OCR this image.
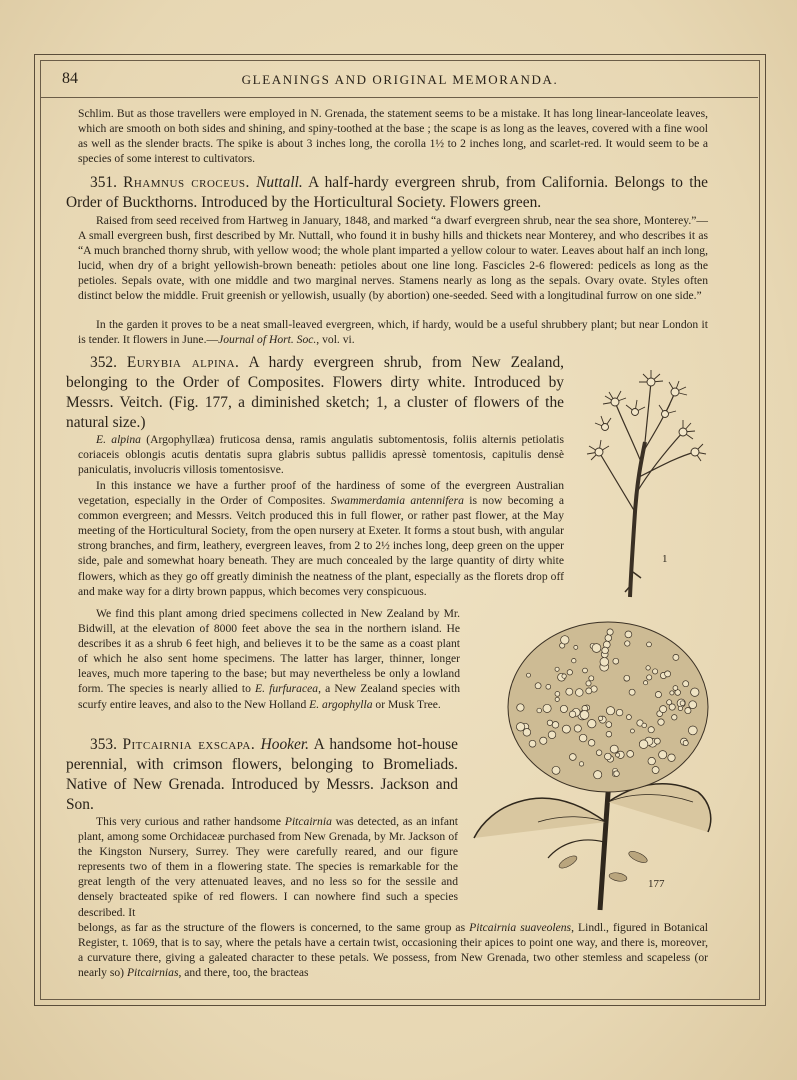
84	GLEANINGS AND ORIGINAL MEMORANDA.

Schlim. But as those travellers were employed in N. Grenada, the statement seems to be a mistake. It has long linear-lanceolate leaves, which are smooth on both sides and shining, and spiny-toothed at the base ; the scape is as long as the leaves, covered with a fine wool as well as the slender bracts. The spike is about 3 inches long, the corolla 1½ to 2 inches long, and scarlet-red. It would seem to be a species of some interest to cultivators.

351. Rhamnus croceus. Nuttall. A half-hardy evergreen shrub, from California. Belongs to the Order of Buckthorns. Introduced by the Horticultural Society. Flowers green.

Raised from seed received from Hartweg in January, 1848, and marked “a dwarf evergreen shrub, near the sea shore, Monterey.”—A small evergreen bush, first described by Mr. Nuttall, who found it in bushy hills and thickets near Monterey, and who describes it as “A much branched thorny shrub, with yellow wood; the whole plant imparted a yellow colour to water. Leaves about half an inch long, lucid, when dry of a bright yellowish-brown beneath: petioles about one line long. Fascicles 2-6 flowered: pedicels as long as the petioles. Sepals ovate, with one middle and two marginal nerves. Stamens nearly as long as the sepals. Ovary ovate. Styles often distinct below the middle. Fruit greenish or yellowish, usually (by abortion) one-seeded. Seed with a longitudinal furrow on one side.”

In the garden it proves to be a neat small-leaved evergreen, which, if hardy, would be a useful shrubbery plant; but near London it is tender. It flowers in June.—Journal of Hort. Soc., vol. vi.

352. Eurybia alpina. A hardy evergreen shrub, from New Zealand, belonging to the Order of Composites. Flowers dirty white. Introduced by Messrs. Veitch. (Fig. 177, a diminished sketch; 1, a cluster of flowers of the natural size.)

E. alpina (Argophyllæa) fruticosa densa, ramis angulatis subtomentosis, foliis alternis petiolatis coriaceis oblongis acutis dentatis supra glabris subtus pallidis apressè tomentosis, capitulis densè paniculatis, involucris villosis tomentosisve.

In this instance we have a further proof of the hardiness of some of the evergreen Australian vegetation, especially in the Order of Composites. Swammerdamia antennifera is now becoming a common evergreen; and Messrs. Veitch produced this in full flower, or rather past flower, at the May meeting of the Horticultural Society, from the open nursery at Exeter. It forms a stout bush, with angular strong branches, and firm, leathery, evergreen leaves, from 2 to 2½ inches long, deep green on the upper side, pale and somewhat hoary beneath. They are much concealed by the large quantity of dirty white flowers, which as they go off greatly diminish the neatness of the plant, especially as the florets drop off and make way for a dirty brown pappus, which becomes very conspicuous.

We find this plant among dried specimens collected in New Zealand by Mr. Bidwill, at the elevation of 8000 feet above the sea in the northern island. He describes it as a shrub 6 feet high, and believes it to be the same as a coast plant of which he also sent home specimens. The latter has larger, thinner, longer leaves, much more tapering to the base; but may nevertheless be only a lowland form. The species is nearly allied to E. furfuracea, a New Zealand species with scurfy entire leaves, and also to the New Holland E. argophylla or Musk Tree.

353. Pitcairnia exscapa. Hooker. A handsome hot-house perennial, with crimson flowers, belonging to Bromeliads. Native of New Grenada. Introduced by Messrs. Jackson and Son.

This very curious and rather handsome Pitcairnia was detected, as an infant plant, among some Orchidaceæ purchased from New Grenada, by Mr. Jackson of the Kingston Nursery, Surrey. They were carefully reared, and our figure represents two of them in a flowering state. The species is remarkable for the great length of the very attenuated leaves, and no less so for the sessile and densely bracteated spike of red flowers. I can nowhere find such a species described. It

belongs, as far as the structure of the flowers is concerned, to the same group as Pitcairnia suaveolens, Lindl., figured in Botanical Register, t. 1069, that is to say, where the petals have a certain twist, occasioning their apices to point one way, and there is, moreover, a curvature there, giving a galeated character to these petals. We possess, from New Grenada, two other stemless and scapeless (or nearly so) Pitcairnias, and there, too, the bracteas

1
177
